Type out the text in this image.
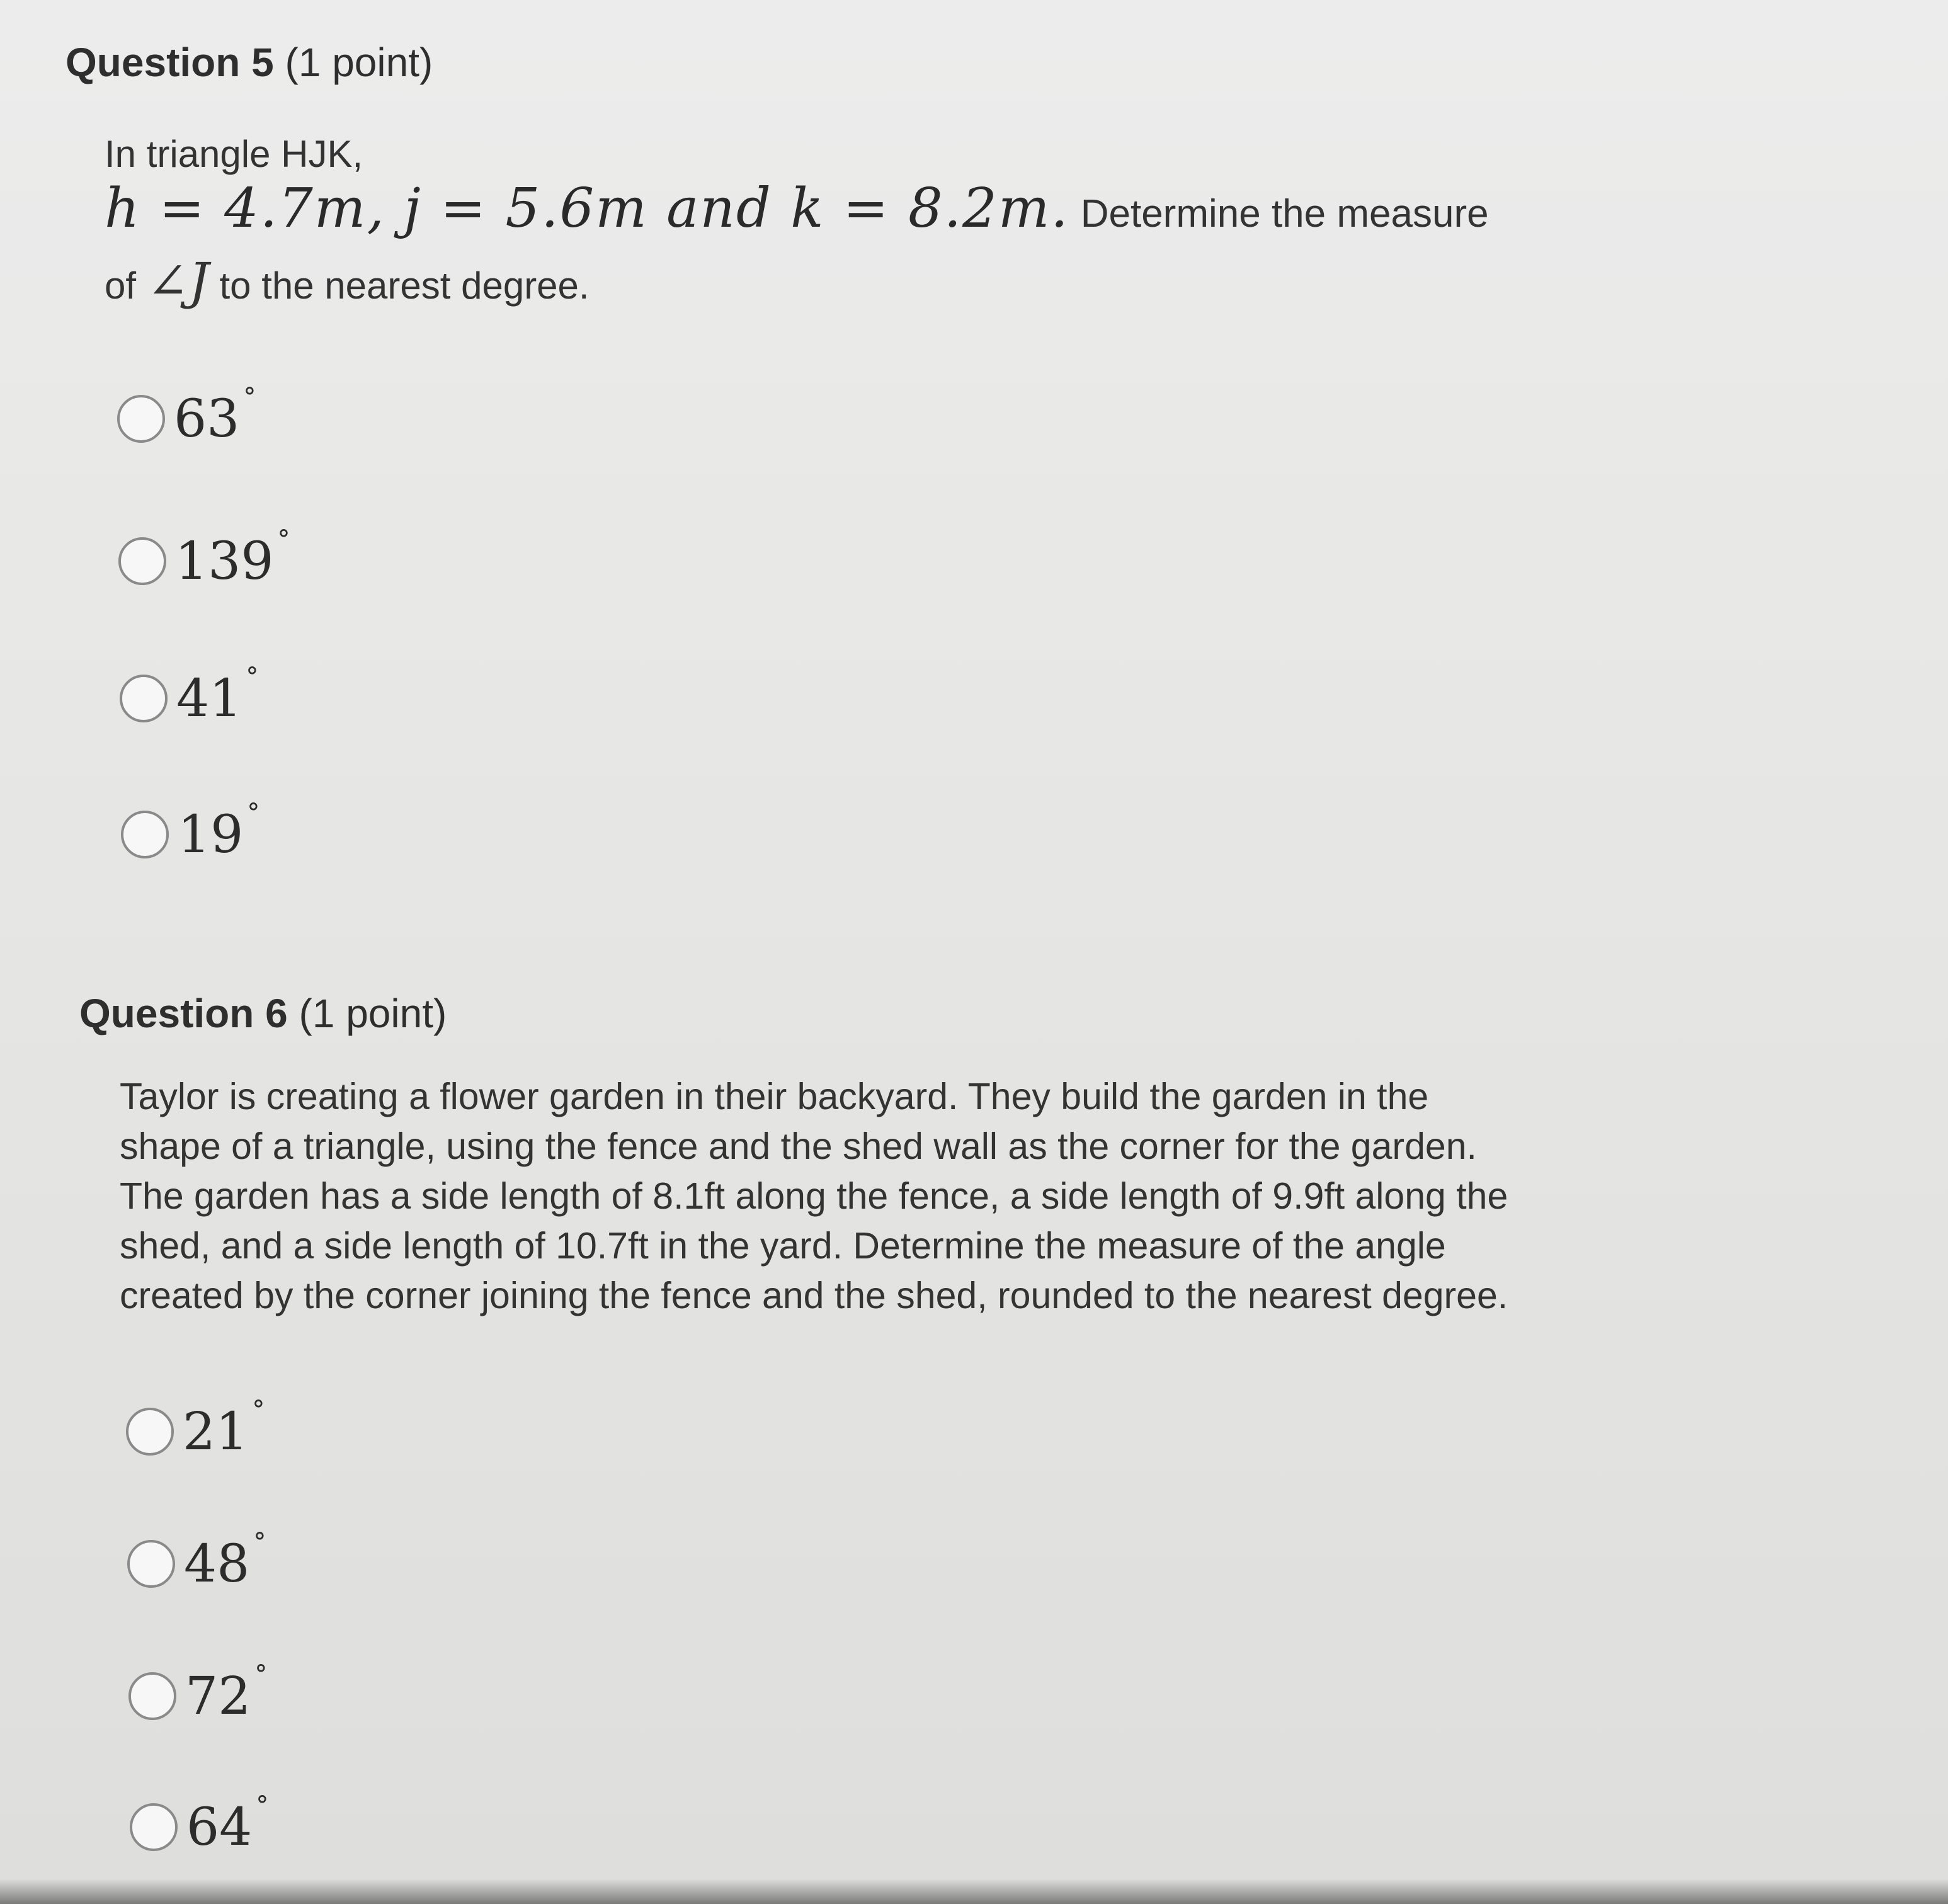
Question 5 (1 point)
In triangle HJK,
h = 4.7m, j = 5.6m and k = 8.2m. Determine the measure
of ∠J to the nearest degree.
63 °
139 °
41 °
19 °
Question 6 (1 point)
Taylor is creating a flower garden in their backyard. They build the garden in the
shape of a triangle, using the fence and the shed wall as the corner for the garden.
The garden has a side length of 8.1ft along the fence, a side length of 9.9ft along the
shed, and a side length of 10.7ft in the yard. Determine the measure of the angle
created by the corner joining the fence and the shed, rounded to the nearest degree.
21 °
48 °
72 °
64 °
